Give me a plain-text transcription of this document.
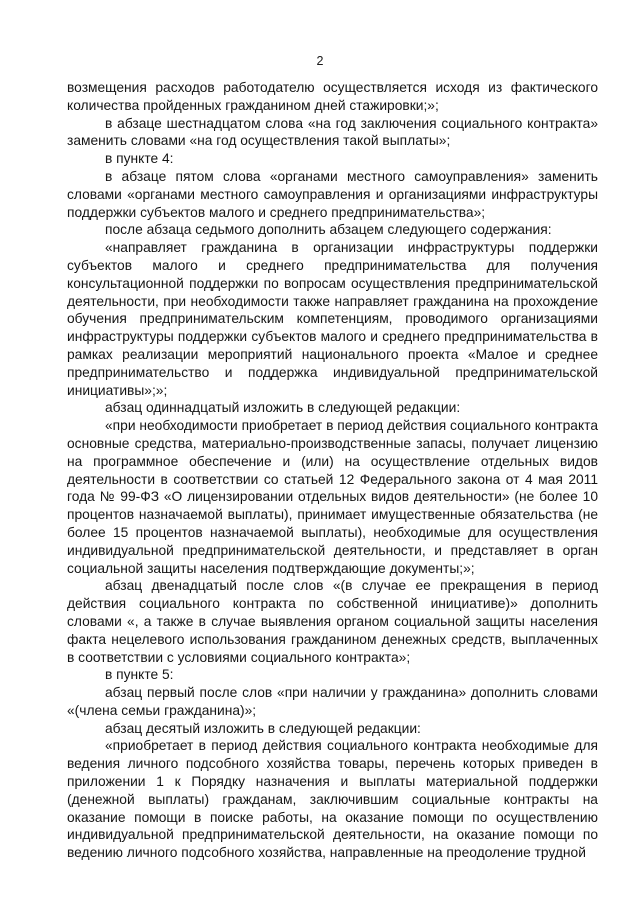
2

возмещения расходов работодателю осуществляется исходя из фактического количества пройденных гражданином дней стажировки;»;

в абзаце шестнадцатом слова «на год заключения социального контракта» заменить словами «на год осуществления такой выплаты»;

в пункте 4:

в абзаце пятом слова «органами местного самоуправления» заменить словами «органами местного самоуправления и организациями инфраструктуры поддержки субъектов малого и среднего предпринимательства»;

после абзаца седьмого дополнить абзацем следующего содержания:

«направляет гражданина в организации инфраструктуры поддержки субъектов малого и среднего предпринимательства для получения консультационной поддержки по вопросам осуществления предпринимательской деятельности, при необходимости также направляет гражданина на прохождение обучения предпринимательским компетенциям, проводимого организациями инфраструктуры поддержки субъектов малого и среднего предпринимательства в рамках реализации мероприятий национального проекта «Малое и среднее предпринимательство и поддержка индивидуальной предпринимательской инициативы»;»;

абзац одиннадцатый изложить в следующей редакции:

«при необходимости приобретает в период действия социального контракта основные средства, материально-производственные запасы, получает лицензию на программное обеспечение и (или) на осуществление отдельных видов деятельности в соответствии со статьей 12 Федерального закона от 4 мая 2011 года № 99-ФЗ «О лицензировании отдельных видов деятельности» (не более 10 процентов назначаемой выплаты), принимает имущественные обязательства (не более 15 процентов назначаемой выплаты), необходимые для осуществления индивидуальной предпринимательской деятельности, и представляет в орган социальной защиты населения подтверждающие документы;»;

абзац двенадцатый после слов «(в случае ее прекращения в период действия социального контракта по собственной инициативе)» дополнить словами «, а также в случае выявления органом социальной защиты населения факта нецелевого использования гражданином денежных средств, выплаченных в соответствии с условиями социального контракта»;

в пункте 5:

абзац первый после слов «при наличии у гражданина» дополнить словами «(члена семьи гражданина)»;

абзац десятый изложить в следующей редакции:

«приобретает в период действия социального контракта необходимые для ведения личного подсобного хозяйства товары, перечень которых приведен в приложении 1 к Порядку назначения и выплаты материальной поддержки (денежной выплаты) гражданам, заключившим социальные контракты на оказание помощи в поиске работы, на оказание помощи по осуществлению индивидуальной предпринимательской деятельности, на оказание помощи по ведению личного подсобного хозяйства, направленные на преодоление трудной
